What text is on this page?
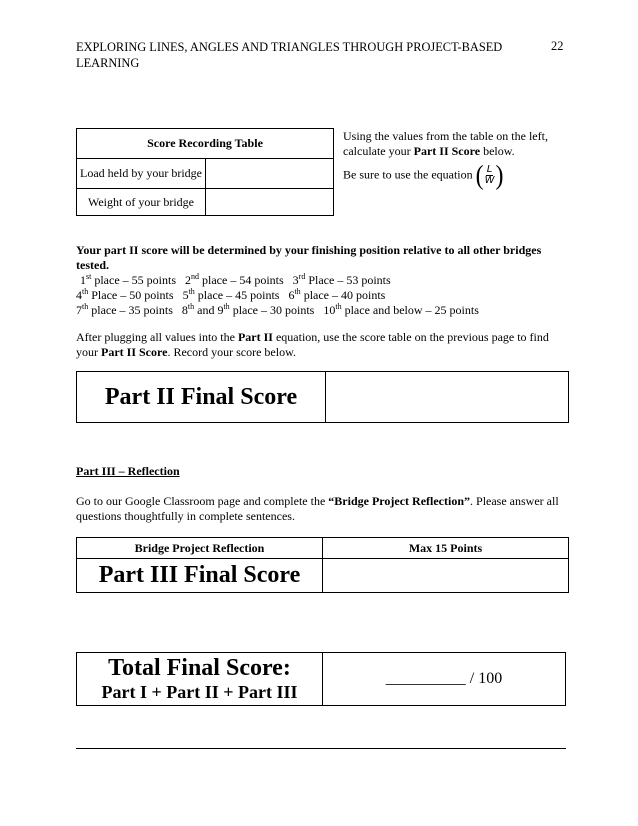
EXPLORING LINES, ANGLES AND TRIANGLES THROUGH PROJECT-BASED LEARNING
22
Score Recording Table	
Load held by your bridge	
Weight of your bridge	
Using the values from the table on the left, calculate your Part II Score below.

Be sure to use the equation ( L
W )
Your part II score will be determined by your finishing position relative to all other bridges tested.
1st place – 55 points 2nd place – 54 points 3rd Place – 53 points
4th Place – 50 points 5th place – 45 points 6th place – 40 points
7th place – 35 points 8th and 9th place – 30 points 10th place and below – 25 points
After plugging all values into the Part II equation, use the score table on the previous page to find your Part II Score. Record your score below.
Part II Final Score	
Part III – Reflection
Go to our Google Classroom page and complete the “Bridge Project Reflection”. Please answer all questions thoughtfully in complete sentences.
Bridge Project Reflection	Max 15 Points
Part III Final Score	
Total Final Score:
Part I + Part II + Part III
	__________ / 100
